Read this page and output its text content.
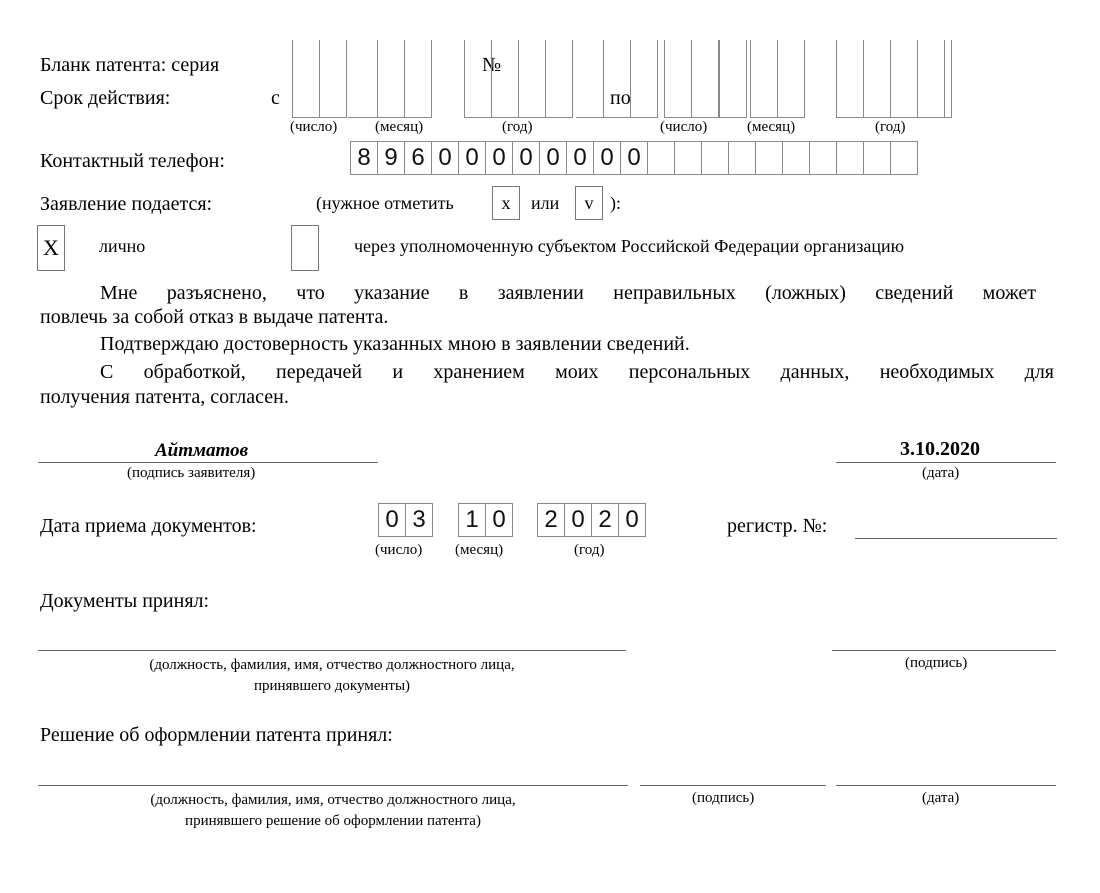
Бланк патента: серия
Срок действия:	с
№
по
(число)	(месяц)	(год)	(число)	(месяц)	(год)
Контактный телефон:	8 9 6 0 0 0 0 0 0 0 0
Заявление подается:	(нужное отметить	x	или	v ):
X	лично	через уполномоченную субъектом Российской Федерации организацию
Мне разъяснено, что указание в заявлении неправильных (ложных) сведений может
повлечь за собой отказ в выдаче патента.
Подтверждаю достоверность указанных мною в заявлении сведений.
С обработкой, передачей и хранением моих персональных данных, необходимых для
получения патента, согласен.
Айтматов
(подпись заявителя)
3.10.2020
(дата)
Дата приема документов:	0 3	1 0	2 0 2 0
(число) (месяц)	(год)
регистр. №:
Документы принял:
(должность, фамилия, имя, отчество должностного лица,
принявшего документы)
(подпись)
Решение об оформлении патента принял:
(должность, фамилия, имя, отчество должностного лица,
принявшего решение об оформлении патента)
(подпись)	(дата)
